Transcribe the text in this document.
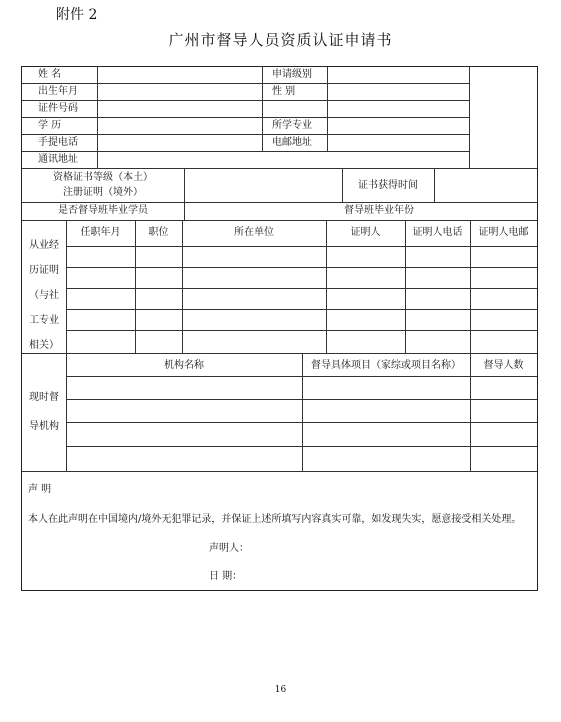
附件 2
广州市督导人员资质认证申请书
姓 名	申请级别
出生年月	性 别
证件号码
学 历	所学专业
手提电话	电邮地址
通讯地址
资格证书等级（本土）
注册证明（境外）
证书获得时间
是否督导班毕业学员	督导班毕业年份
从业经
历证明
（与社
工专业
相关）
任职年月	职位	所在单位	证明人	证明人电话	证明人电邮
现时督
导机构
机构名称	督导具体项目（家综或项目名称）	督导人数
声 明
本人在此声明在中国境内/境外无犯罪记录，并保证上述所填写内容真实可靠，如发现失实，愿意接受相关处理。
声明人：
日 期：
16
